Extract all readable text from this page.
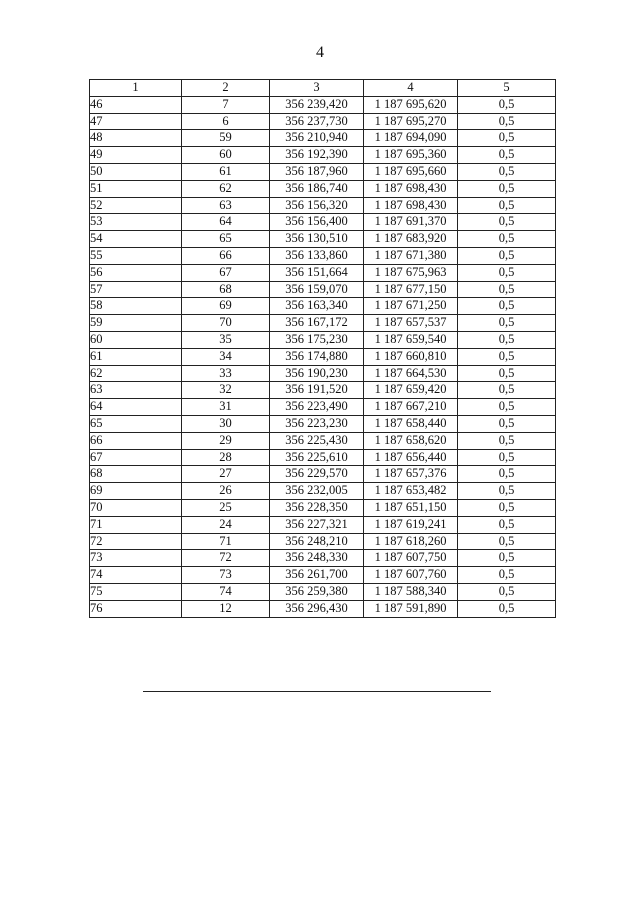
4
1	2	3	4	5
46	7	356 239,420	1 187 695,620	0,5
47	6	356 237,730	1 187 695,270	0,5
48	59	356 210,940	1 187 694,090	0,5
49	60	356 192,390	1 187 695,360	0,5
50	61	356 187,960	1 187 695,660	0,5
51	62	356 186,740	1 187 698,430	0,5
52	63	356 156,320	1 187 698,430	0,5
53	64	356 156,400	1 187 691,370	0,5
54	65	356 130,510	1 187 683,920	0,5
55	66	356 133,860	1 187 671,380	0,5
56	67	356 151,664	1 187 675,963	0,5
57	68	356 159,070	1 187 677,150	0,5
58	69	356 163,340	1 187 671,250	0,5
59	70	356 167,172	1 187 657,537	0,5
60	35	356 175,230	1 187 659,540	0,5
61	34	356 174,880	1 187 660,810	0,5
62	33	356 190,230	1 187 664,530	0,5
63	32	356 191,520	1 187 659,420	0,5
64	31	356 223,490	1 187 667,210	0,5
65	30	356 223,230	1 187 658,440	0,5
66	29	356 225,430	1 187 658,620	0,5
67	28	356 225,610	1 187 656,440	0,5
68	27	356 229,570	1 187 657,376	0,5
69	26	356 232,005	1 187 653,482	0,5
70	25	356 228,350	1 187 651,150	0,5
71	24	356 227,321	1 187 619,241	0,5
72	71	356 248,210	1 187 618,260	0,5
73	72	356 248,330	1 187 607,750	0,5
74	73	356 261,700	1 187 607,760	0,5
75	74	356 259,380	1 187 588,340	0,5
76	12	356 296,430	1 187 591,890	0,5
